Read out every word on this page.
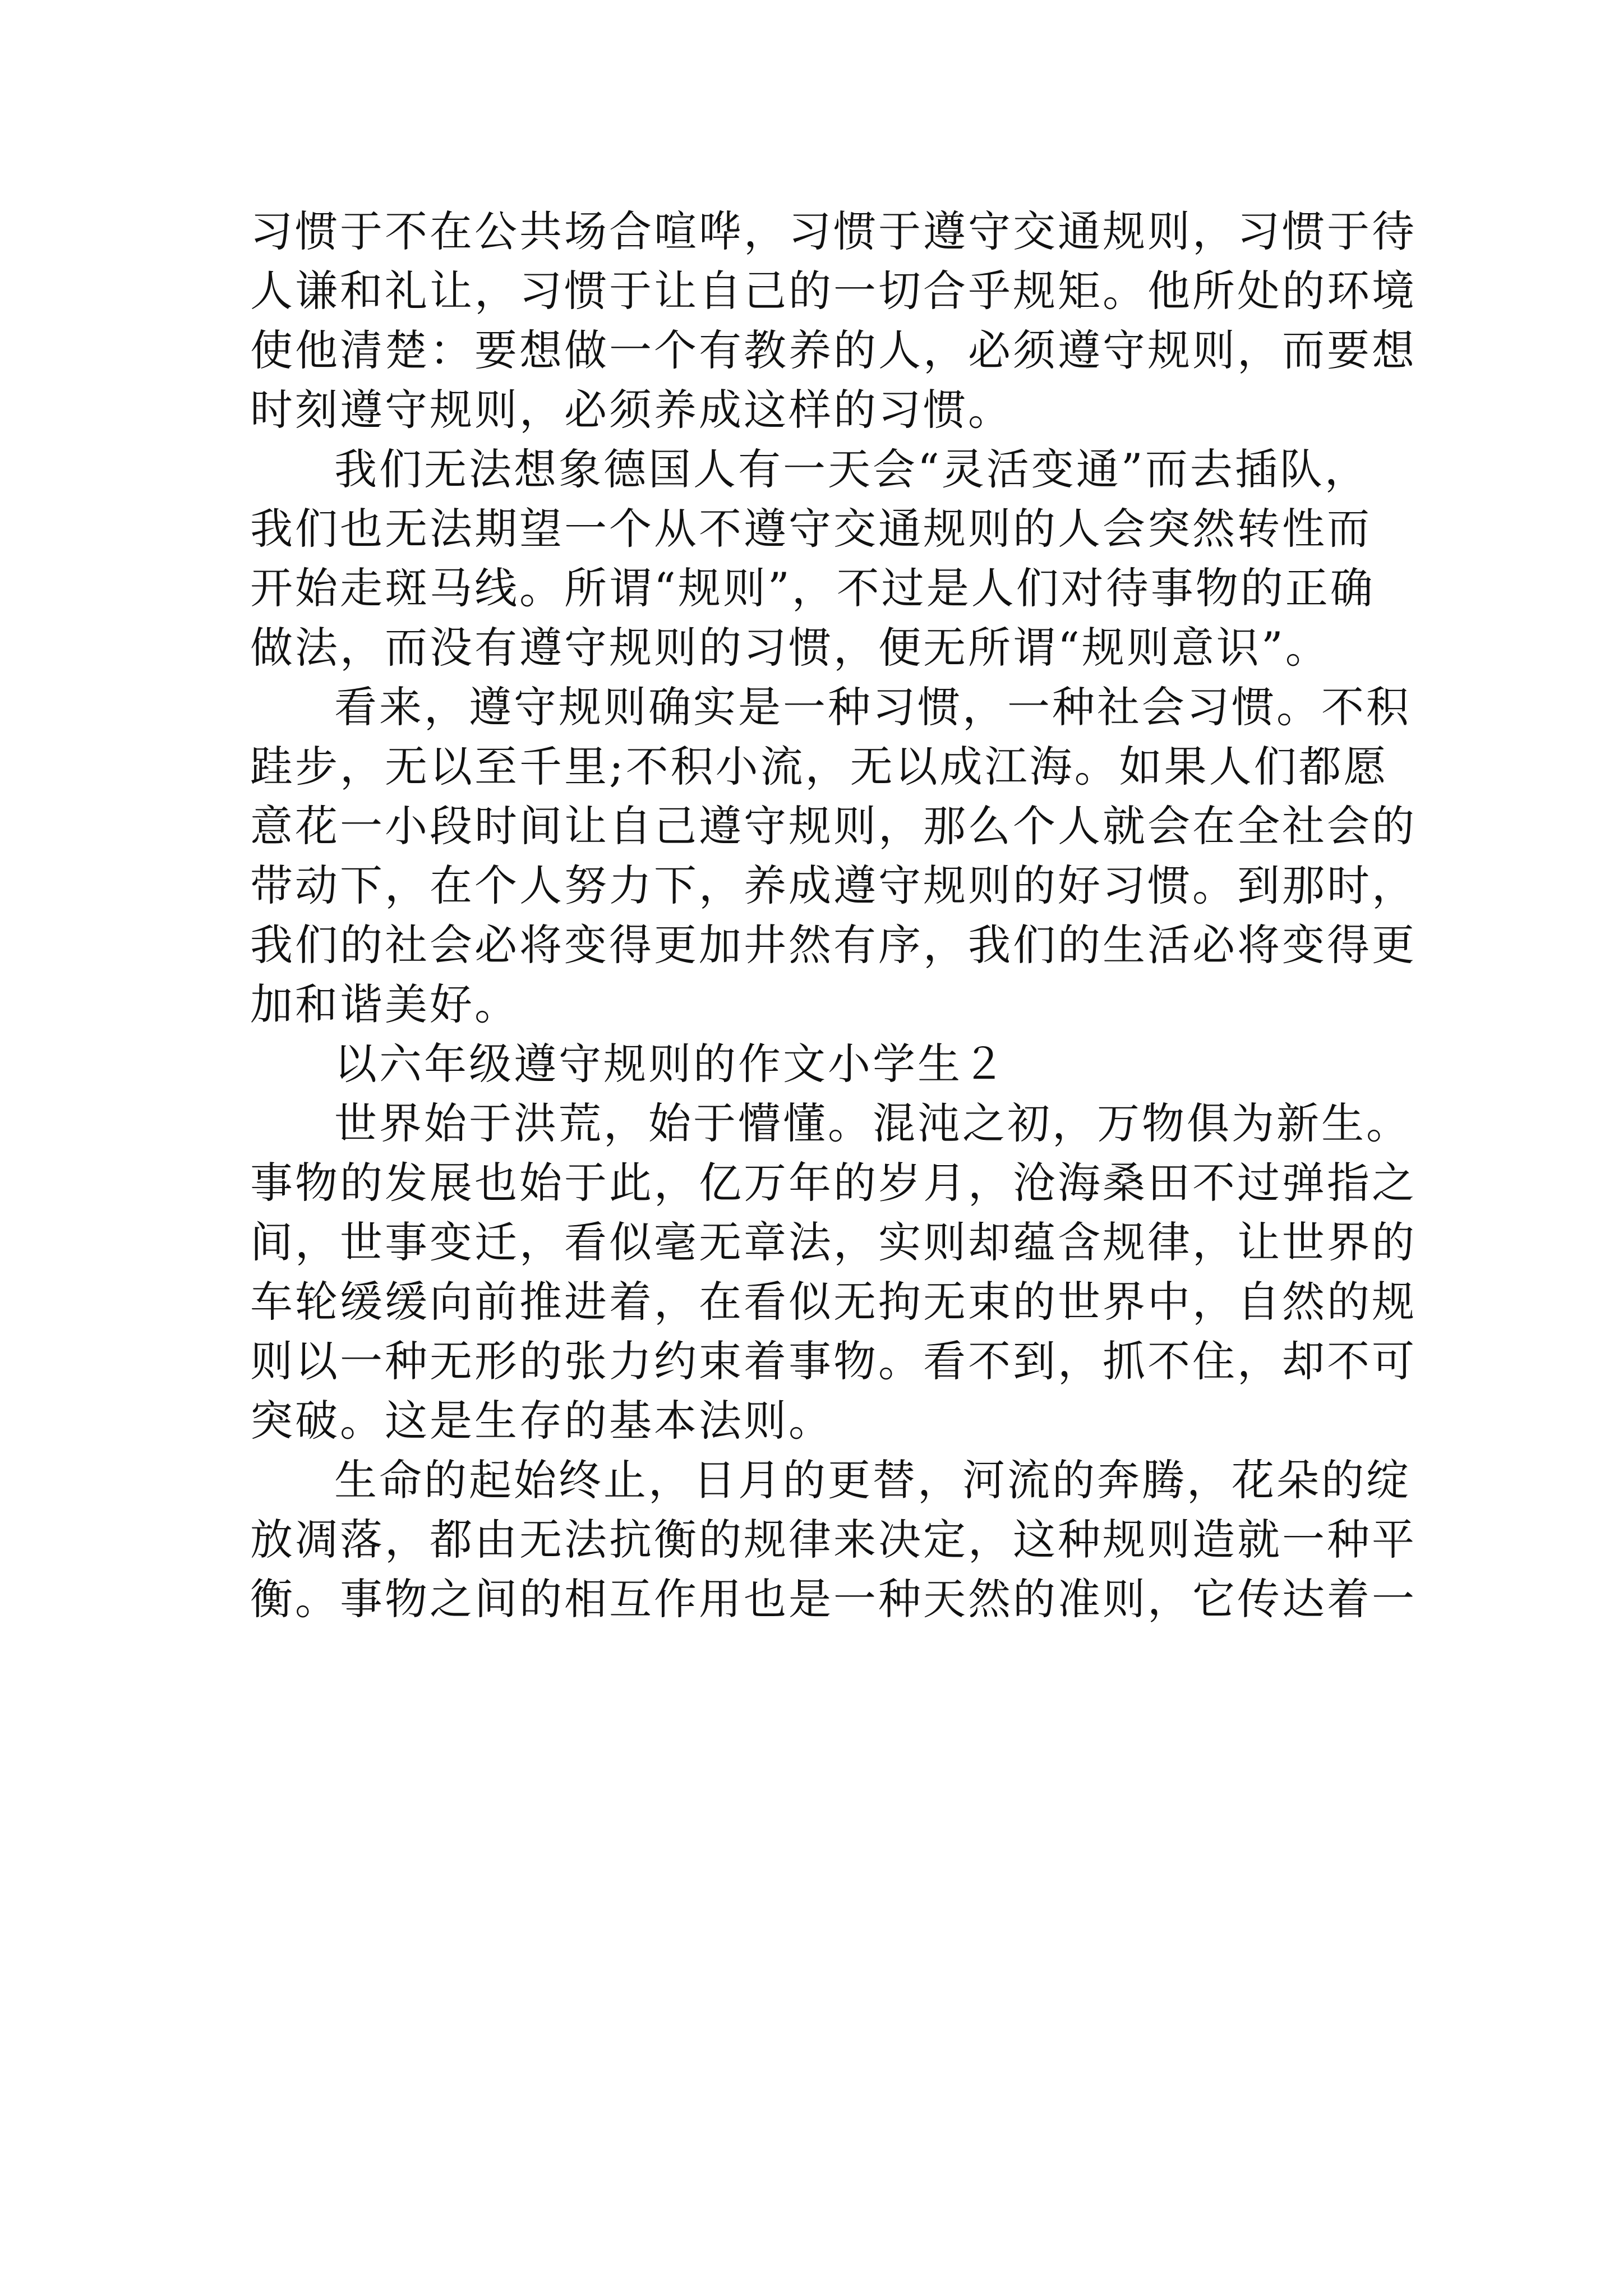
习惯于不在公共场合喧哗，习惯于遵守交通规则，习惯于待
人谦和礼让，习惯于让自己的一切合乎规矩。他所处的环境
使他清楚：要想做一个有教养的人，必须遵守规则，而要想
时刻遵守规则，必须养成这样的习惯。
我们无法想象德国人有一天会“灵活变通”而去插队，
我们也无法期望一个从不遵守交通规则的人会突然转性而
开始走斑马线。所谓“规则”，不过是人们对待事物的正确
做法，而没有遵守规则的习惯，便无所谓“规则意识”。
看来，遵守规则确实是一种习惯，一种社会习惯。不积
跬步，无以至千里;不积小流，无以成江海。如果人们都愿
意花一小段时间让自己遵守规则，那么个人就会在全社会的
带动下，在个人努力下，养成遵守规则的好习惯。到那时，
我们的社会必将变得更加井然有序，我们的生活必将变得更
加和谐美好。
以六年级遵守规则的作文小学生２
世界始于洪荒，始于懵懂。混沌之初，万物俱为新生。
事物的发展也始于此，亿万年的岁月，沧海桑田不过弹指之
间，世事变迁，看似毫无章法，实则却蕴含规律，让世界的
车轮缓缓向前推进着，在看似无拘无束的世界中，自然的规
则以一种无形的张力约束着事物。看不到，抓不住，却不可
突破。这是生存的基本法则。
生命的起始终止，日月的更替，河流的奔腾，花朵的绽
放凋落，都由无法抗衡的规律来决定，这种规则造就一种平
衡。事物之间的相互作用也是一种天然的准则，它传达着一
